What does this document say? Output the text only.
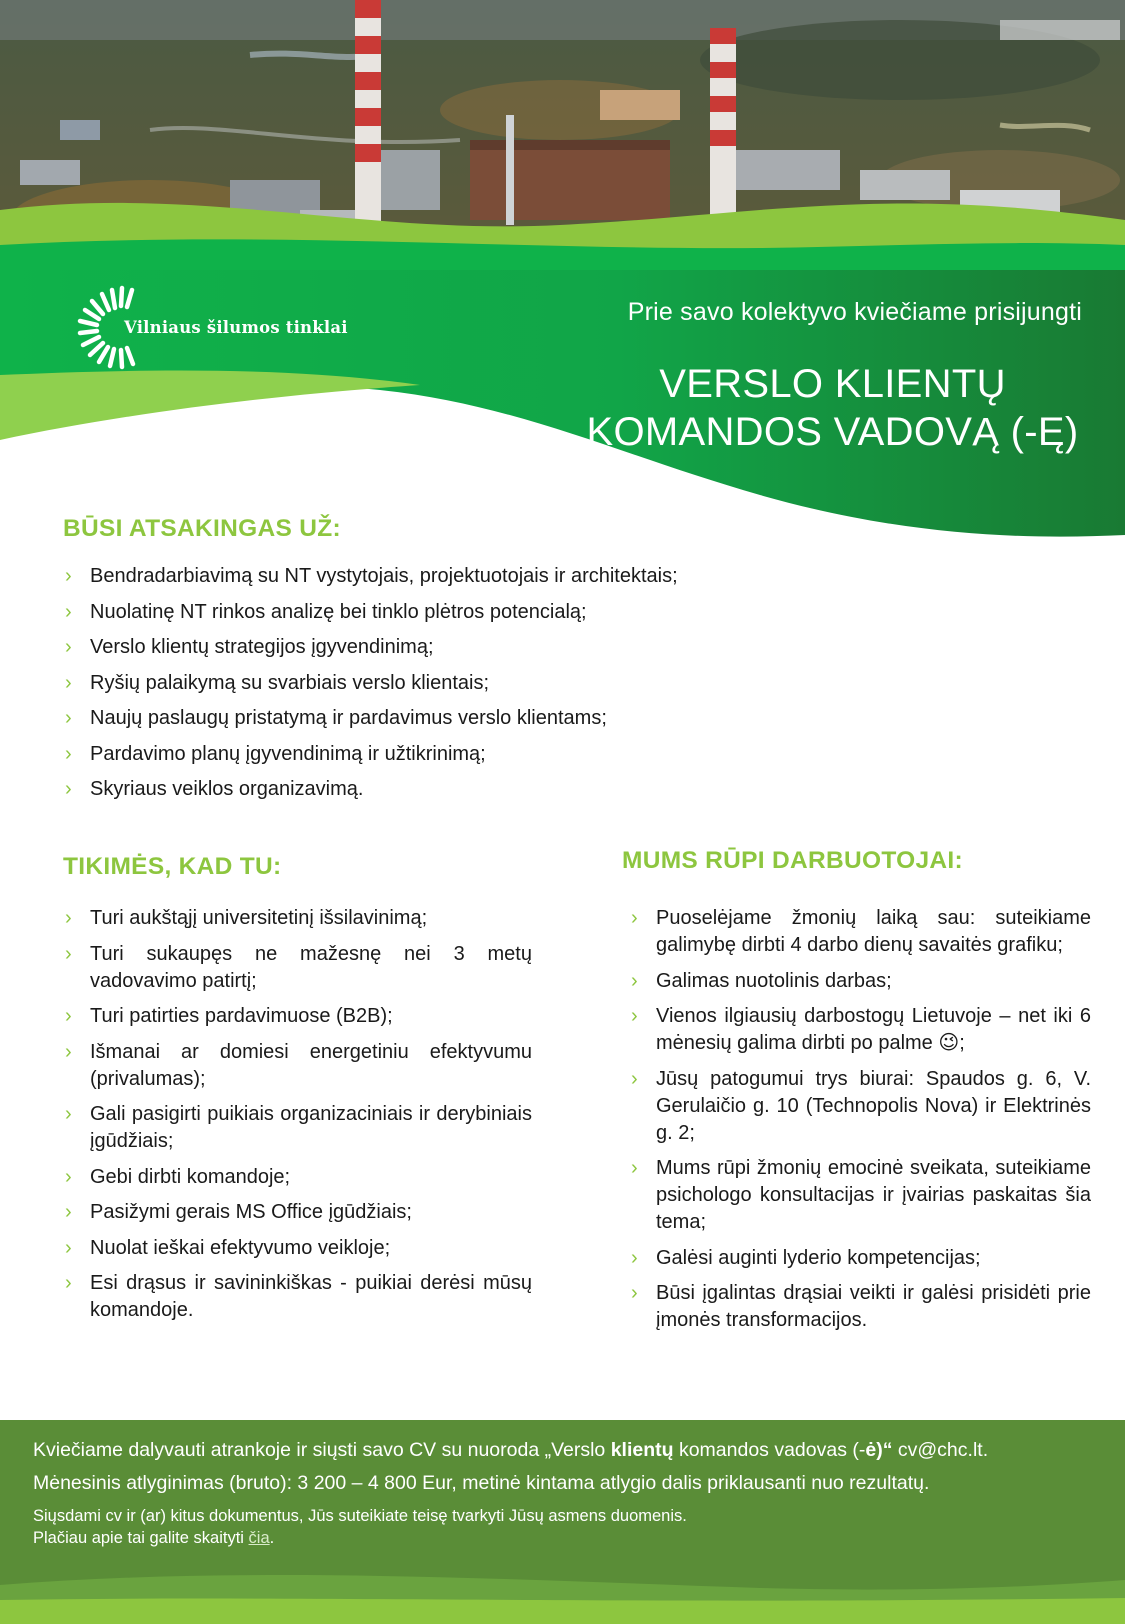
Vilniaus šilumos tinklai
Prie savo kolektyvo kviečiame prisijungti
VERSLO KLIENTŲ
KOMANDOS VADOVĄ (-Ę)
BŪSI ATSAKINGAS UŽ:
› Bendradarbiavimą su NT vystytojais, projektuotojais ir architektais;
› Nuolatinę NT rinkos analizę bei tinklo plėtros potencialą;
› Verslo klientų strategijos įgyvendinimą;
› Ryšių palaikymą su svarbiais verslo klientais;
› Naujų paslaugų pristatymą ir pardavimus verslo klientams;
› Pardavimo planų įgyvendinimą ir užtikrinimą;
› Skyriaus veiklos organizavimą.
TIKIMĖS, KAD TU:
› Turi aukštąjį universitetinį išsilavinimą;
› Turi sukaupęs ne mažesnę nei 3 metų vadovavimo patirtį;
› Turi patirties pardavimuose (B2B);
› Išmanai ar domiesi energetiniu efektyvumu (privalumas);
› Gali pasigirti puikiais organizaciniais ir derybiniais įgūdžiais;
› Gebi dirbti komandoje;
› Pasižymi gerais MS Office įgūdžiais;
› Nuolat ieškai efektyvumo veikloje;
› Esi drąsus ir savininkiškas - puikiai derėsi mūsų komandoje.
MUMS RŪPI DARBUOTOJAI:
› Puoselėjame žmonių laiką sau: suteikiame galimybę dirbti 4 darbo dienų savaitės grafiku;
› Galimas nuotolinis darbas;
› Vienos ilgiausių darbostogų Lietuvoje – net iki 6 mėnesių galima dirbti po palme 😉;
› Jūsų patogumui trys biurai: Spaudos g. 6, V. Gerulaičio g. 10 (Technopolis Nova) ir Elektrinės g. 2;
› Mums rūpi žmonių emocinė sveikata, suteikiame psichologo konsultacijas ir įvairias paskaitas šia tema;
› Galėsi auginti lyderio kompetencijas;
› Būsi įgalintas drąsiai veikti ir galėsi prisidėti prie įmonės transformacijos.
Kviečiame dalyvauti atrankoje ir siųsti savo CV su nuoroda „Verslo klientų komandos vadovas (-ė)“ cv@chc.lt.
Mėnesinis atlyginimas (bruto): 3 200 – 4 800 Eur, metinė kintama atlygio dalis priklausanti nuo rezultatų.
Siųsdami cv ir (ar) kitus dokumentus, Jūs suteikiate teisę tvarkyti Jūsų asmens duomenis.
Plačiau apie tai galite skaityti čia.
